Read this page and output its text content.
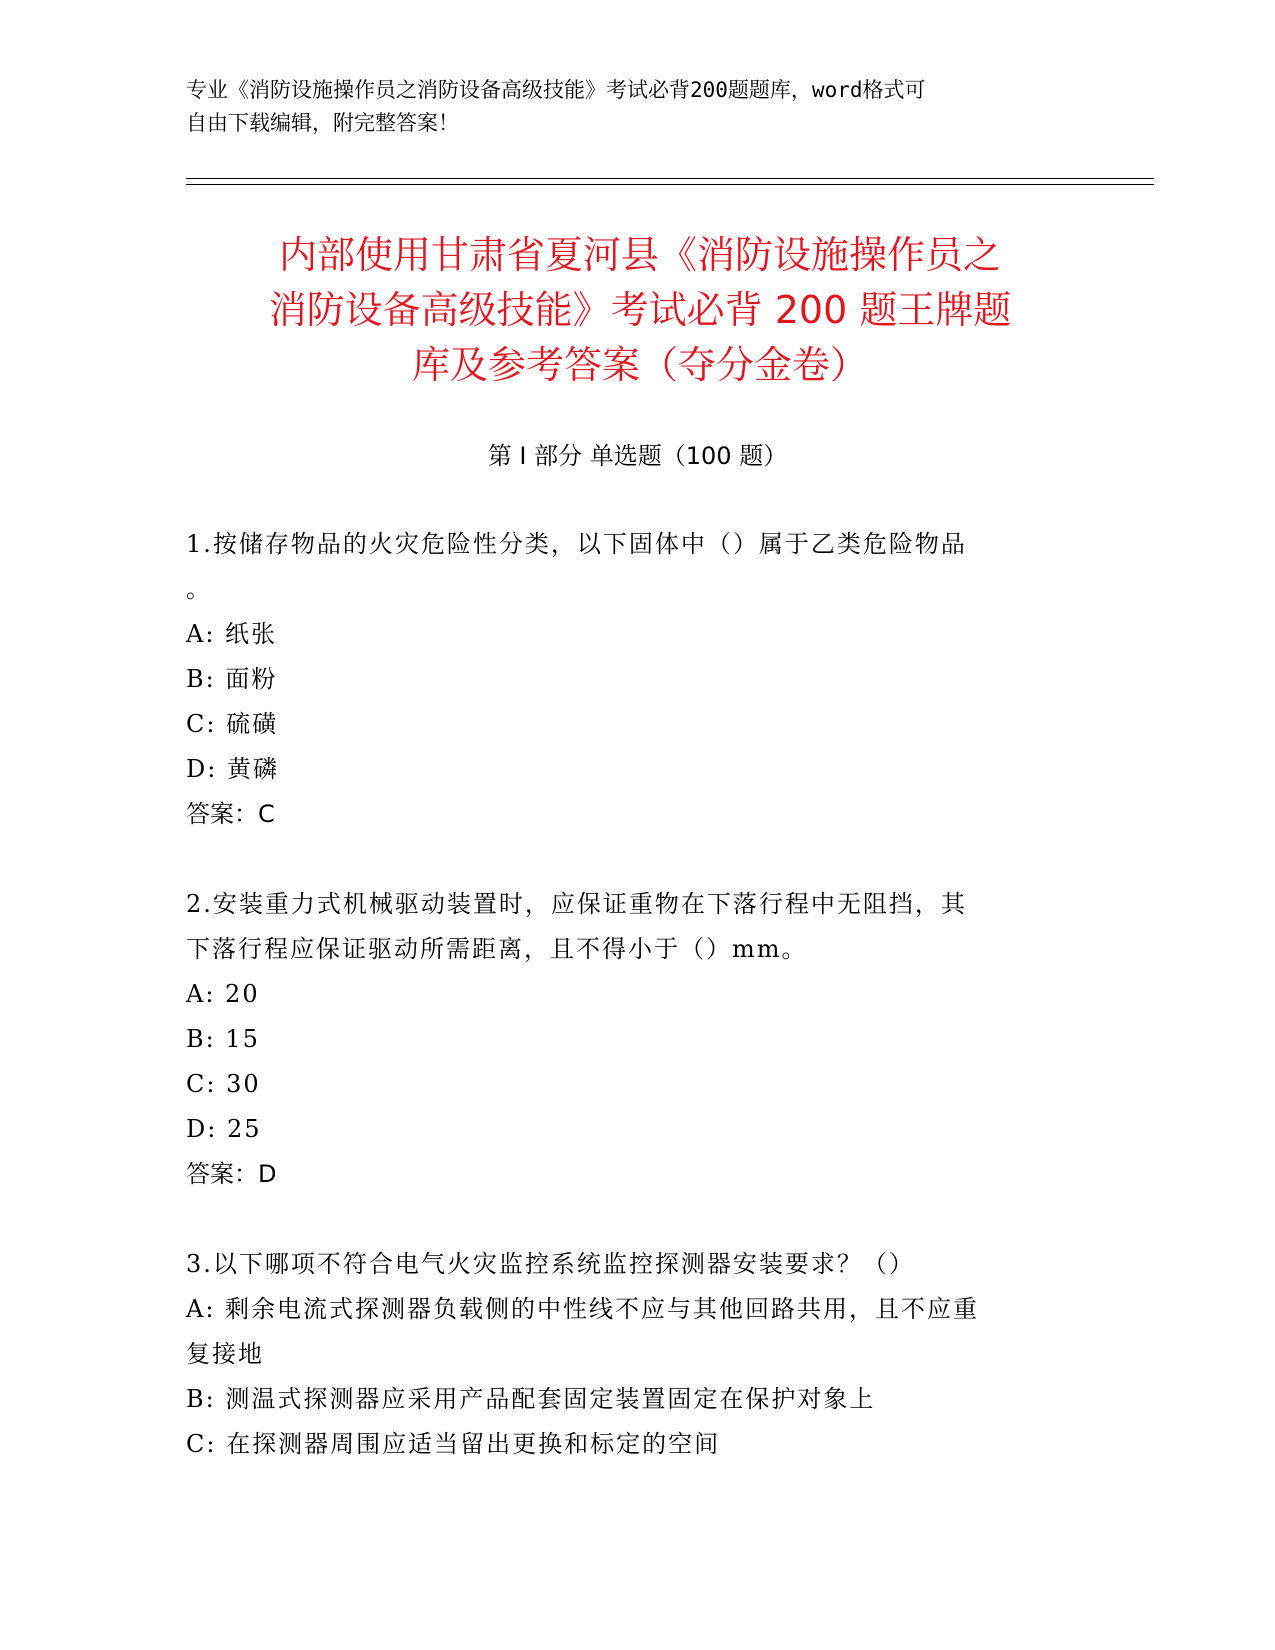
专业《消防设施操作员之消防设备高级技能》考试必背200题题库，word格式可
自由下载编辑，附完整答案！
内部使用甘肃省夏河县《消防设施操作员之
消防设备高级技能》考试必背 200 题王牌题
库及参考答案（夺分金卷）
第 I 部分 单选题（100 题）

1.按储存物品的火灾危险性分类，以下固体中（）属于乙类危险物品

。

A: 纸张

B: 面粉

C: 硫磺

D: 黄磷

答案：C

2.安装重力式机械驱动装置时，应保证重物在下落行程中无阻挡，其

下落行程应保证驱动所需距离，且不得小于（）mm。

A: 20

B: 15

C: 30

D: 25

答案：D

3.以下哪项不符合电气火灾监控系统监控探测器安装要求？（）

A: 剩余电流式探测器负载侧的中性线不应与其他回路共用，且不应重

复接地

B: 测温式探测器应采用产品配套固定装置固定在保护对象上

C: 在探测器周围应适当留出更换和标定的空间
